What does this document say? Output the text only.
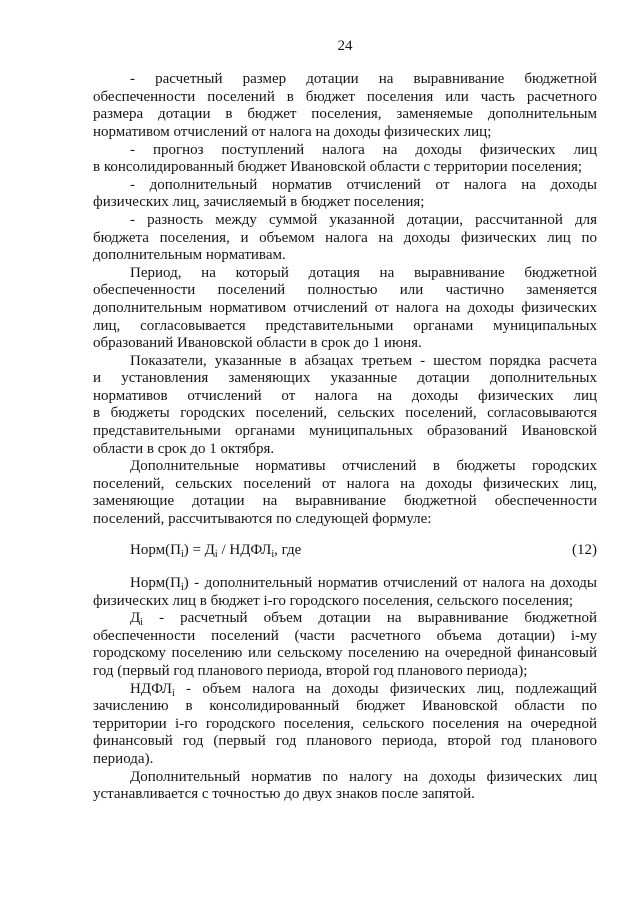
24
- расчетный размер дотации на выравнивание бюджетной
обеспеченности поселений в бюджет поселения или часть расчетного
размера дотации в бюджет поселения, заменяемые дополнительным
нормативом отчислений от налога на доходы физических лиц;
- прогноз поступлений налога на доходы физических лиц
в консолидированный бюджет Ивановской области с территории поселения;
- дополнительный норматив отчислений от налога на доходы
физических лиц, зачисляемый в бюджет поселения;
- разность между суммой указанной дотации, рассчитанной для
бюджета поселения, и объемом налога на доходы физических лиц по
дополнительным нормативам.
Период, на который дотация на выравнивание бюджетной
обеспеченности поселений полностью или частично заменяется
дополнительным нормативом отчислений от налога на доходы физических
лиц, согласовывается представительными органами муниципальных
образований Ивановской области в срок до 1 июня.
Показатели, указанные в абзацах третьем - шестом порядка расчета
и установления заменяющих указанные дотации дополнительных
нормативов отчислений от налога на доходы физических лиц
в бюджеты городских поселений, сельских поселений, согласовываются
представительными органами муниципальных образований Ивановской
области в срок до 1 октября.
Дополнительные нормативы отчислений в бюджеты городских
поселений, сельских поселений от налога на доходы физических лиц,
заменяющие дотации на выравнивание бюджетной обеспеченности
поселений, рассчитываются по следующей формуле:
$Норм(П_i) = Д_i$ / $НДФЛ_i$, где	(12)
$Норм(П_i)$ - дополнительный норматив отчислений от налога на доходы
физических лиц в бюджет i-го городского поселения, сельского поселения;
$Д_i$ - расчетный объем дотации на выравнивание бюджетной
обеспеченности поселений (части расчетного объема дотации) i-му
городскому поселению или сельскому поселению на очередной финансовый
год (первый год планового периода, второй год планового периода);
$НДФЛ_i$ - объем налога на доходы физических лиц, подлежащий
зачислению в консолидированный бюджет Ивановской области по
территории i-го городского поселения, сельского поселения на очередной
финансовый год (первый год планового периода, второй год планового
периода).
Дополнительный норматив по налогу на доходы физических лиц
устанавливается с точностью до двух знаков после запятой.
